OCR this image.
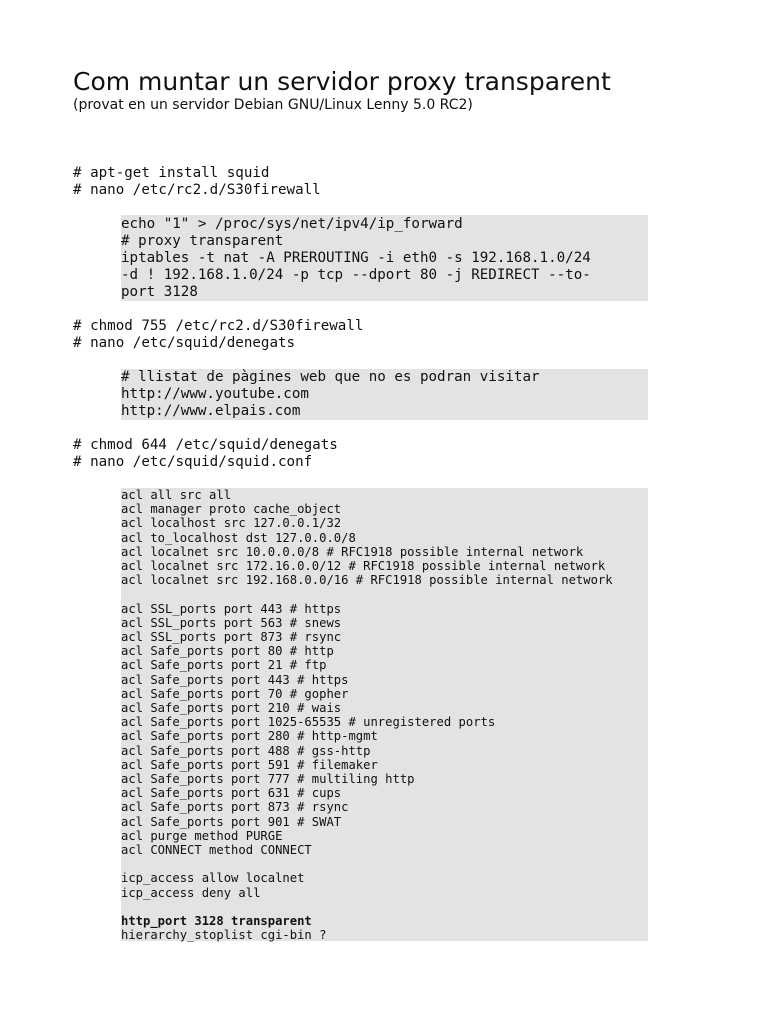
Com muntar un servidor proxy transparent

(provat en un servidor Debian GNU/Linux Lenny 5.0 RC2)

# apt-get install squid
# nano /etc/rc2.d/S30firewall
echo "1" > /proc/sys/net/ipv4/ip_forward
# proxy transparent
iptables -t nat -A PREROUTING -i eth0 -s 192.168.1.0/24
-d ! 192.168.1.0/24 -p tcp --dport 80 -j REDIRECT --to-
port 3128
# chmod 755 /etc/rc2.d/S30firewall
# nano /etc/squid/denegats
# llistat de pàgines web que no es podran visitar
http://www.youtube.com
http://www.elpais.com
# chmod 644 /etc/squid/denegats
# nano /etc/squid/squid.conf
acl all src all
acl manager proto cache_object
acl localhost src 127.0.0.1/32
acl to_localhost dst 127.0.0.0/8
acl localnet src 10.0.0.0/8 # RFC1918 possible internal network
acl localnet src 172.16.0.0/12 # RFC1918 possible internal network
acl localnet src 192.168.0.0/16 # RFC1918 possible internal network
acl SSL_ports port 443 # https
acl SSL_ports port 563 # snews
acl SSL_ports port 873 # rsync
acl Safe_ports port 80 # http
acl Safe_ports port 21 # ftp
acl Safe_ports port 443 # https
acl Safe_ports port 70 # gopher
acl Safe_ports port 210 # wais
acl Safe_ports port 1025-65535 # unregistered ports
acl Safe_ports port 280 # http-mgmt
acl Safe_ports port 488 # gss-http
acl Safe_ports port 591 # filemaker
acl Safe_ports port 777 # multiling http
acl Safe_ports port 631 # cups
acl Safe_ports port 873 # rsync
acl Safe_ports port 901 # SWAT
acl purge method PURGE
acl CONNECT method CONNECT
icp_access allow localnet
icp_access deny all
http_port 3128 transparent
hierarchy_stoplist cgi-bin ?
